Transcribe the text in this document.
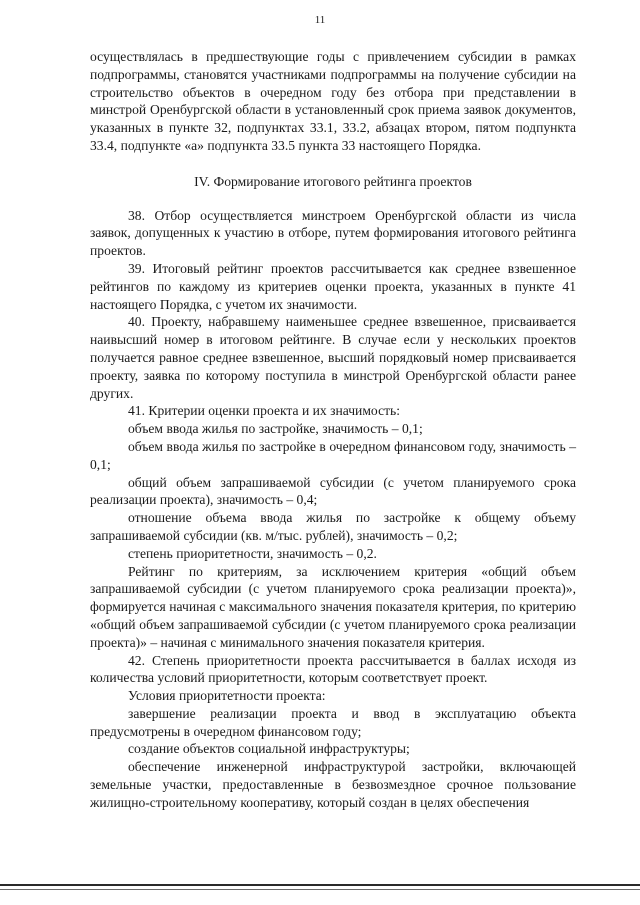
11

осуществлялась в предшествующие годы с привлечением субсидии в рамках подпрограммы, становятся участниками подпрограммы на получение субсидии на строительство объектов в очередном году без отбора при представлении в минстрой Оренбургской области в установленный срок приема заявок документов, указанных в пункте 32, подпунктах 33.1, 33.2, абзацах втором, пятом подпункта 33.4, подпункте «а» подпункта 33.5 пункта 33 настоящего Порядка.

IV. Формирование итогового рейтинга проектов

38. Отбор осуществляется минстроем Оренбургской области из числа заявок, допущенных к участию в отборе, путем формирования итогового рейтинга проектов.

39. Итоговый рейтинг проектов рассчитывается как среднее взвешенное рейтингов по каждому из критериев оценки проекта, указанных в пункте 41 настоящего Порядка, с учетом их значимости.

40. Проекту, набравшему наименьшее среднее взвешенное, присваивается наивысший номер в итоговом рейтинге. В случае если у нескольких проектов получается равное среднее взвешенное, высший порядковый номер присваивается проекту, заявка по которому поступила в минстрой Оренбургской области ранее других.

41. Критерии оценки проекта и их значимость:

объем ввода жилья по застройке, значимость – 0,1;

объем ввода жилья по застройке в очередном финансовом году, значимость – 0,1;

общий объем запрашиваемой субсидии (с учетом планируемого срока реализации проекта), значимость – 0,4;

отношение объема ввода жилья по застройке к общему объему запрашиваемой субсидии (кв. м/тыс. рублей), значимость – 0,2;

степень приоритетности, значимость – 0,2.

Рейтинг по критериям, за исключением критерия «общий объем запрашиваемой субсидии (с учетом планируемого срока реализации проекта)», формируется начиная с максимального значения показателя критерия, по критерию «общий объем запрашиваемой субсидии (с учетом планируемого срока реализации проекта)» – начиная с минимального значения показателя критерия.

42. Степень приоритетности проекта рассчитывается в баллах исходя из количества условий приоритетности, которым соответствует проект.

Условия приоритетности проекта:

завершение реализации проекта и ввод в эксплуатацию объекта предусмотрены в очередном финансовом году;

создание объектов социальной инфраструктуры;

обеспечение инженерной инфраструктурой застройки, включающей земельные участки, предоставленные в безвозмездное срочное пользование жилищно-строительному кооперативу, который создан в целях обеспечения
